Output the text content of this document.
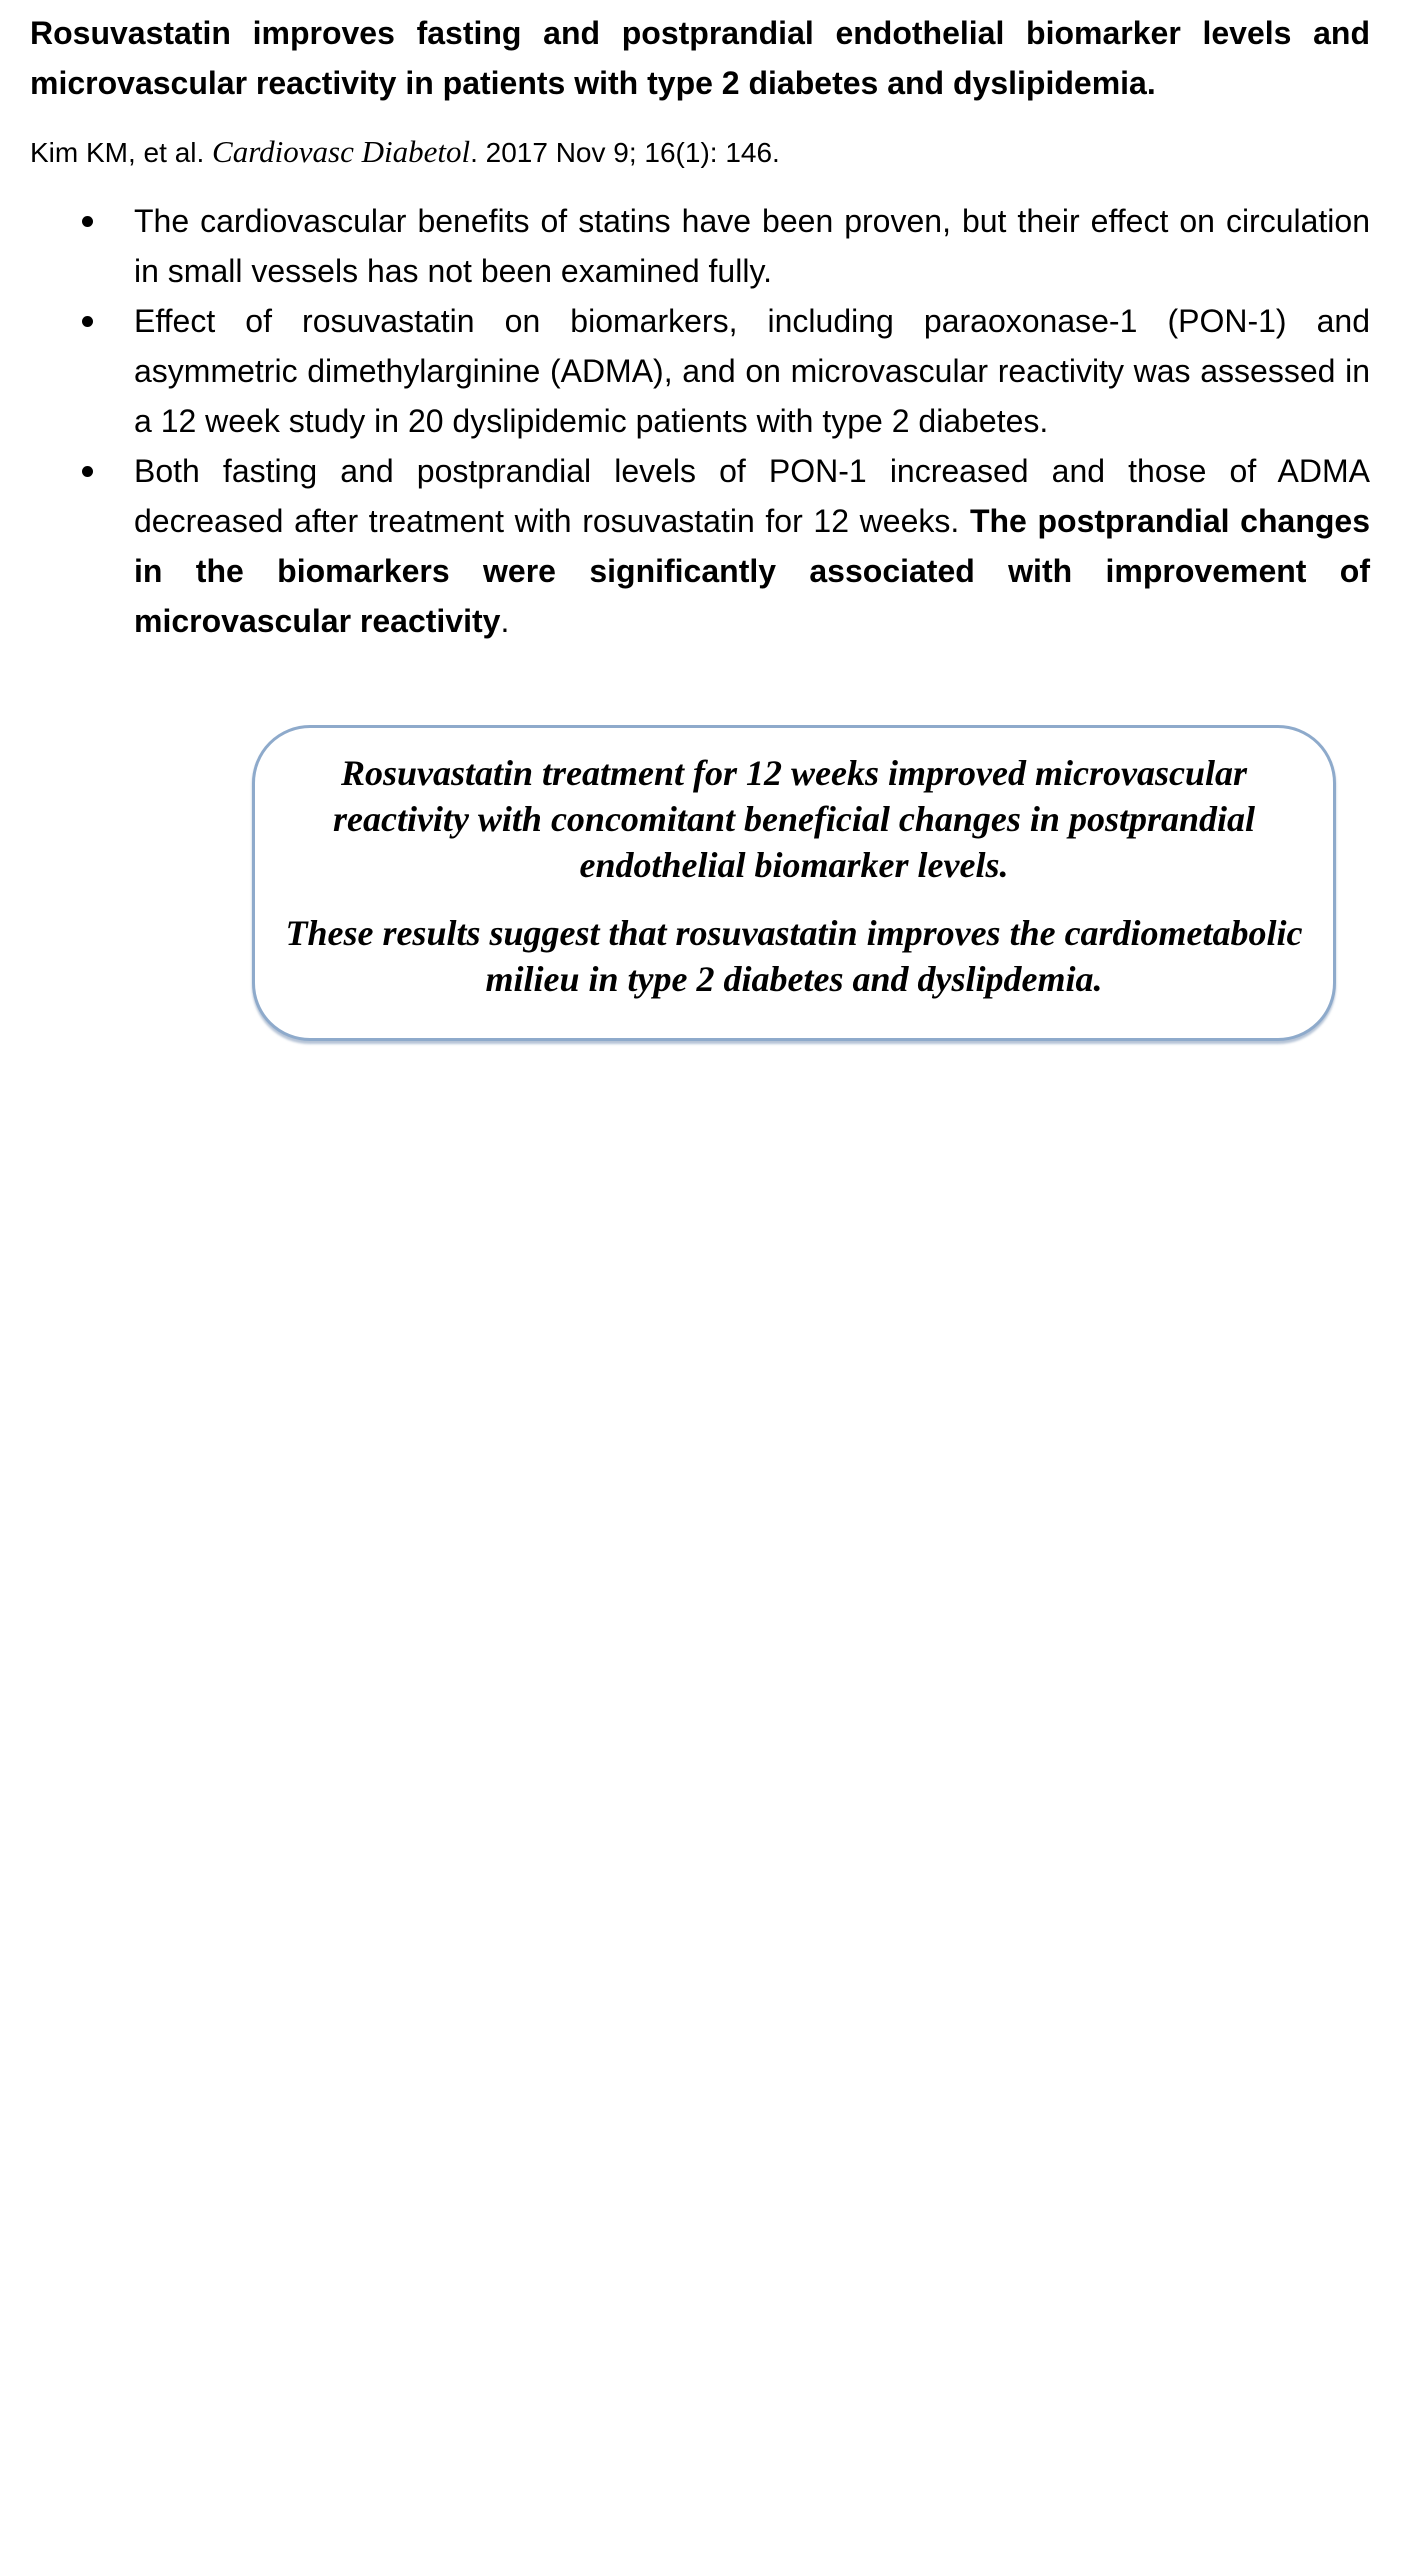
Rosuvastatin improves fasting and postprandial endothelial biomarker levels and microvascular reactivity in patients with type 2 diabetes and dyslipidemia.

Kim KM, et al. Cardiovasc Diabetol. 2017 Nov 9; 16(1): 146.

The cardiovascular benefits of statins have been proven, but their effect on circulation in small vessels has not been examined fully.
Effect of rosuvastatin on biomarkers, including paraoxonase-1 (PON-1) and asymmetric dimethylarginine (ADMA), and on microvascular reactivity was assessed in a 12 week study in 20 dyslipidemic patients with type 2 diabetes.
Both fasting and postprandial levels of PON-1 increased and those of ADMA decreased after treatment with rosuvastatin for 12 weeks. The postprandial changes in the biomarkers were significantly associated with improvement of microvascular reactivity.

Rosuvastatin treatment for 12 weeks improved microvascular reactivity with concomitant beneficial changes in postprandial endothelial biomarker levels.

These results suggest that rosuvastatin improves the cardiometabolic milieu in type 2 diabetes and dyslipdemia.
